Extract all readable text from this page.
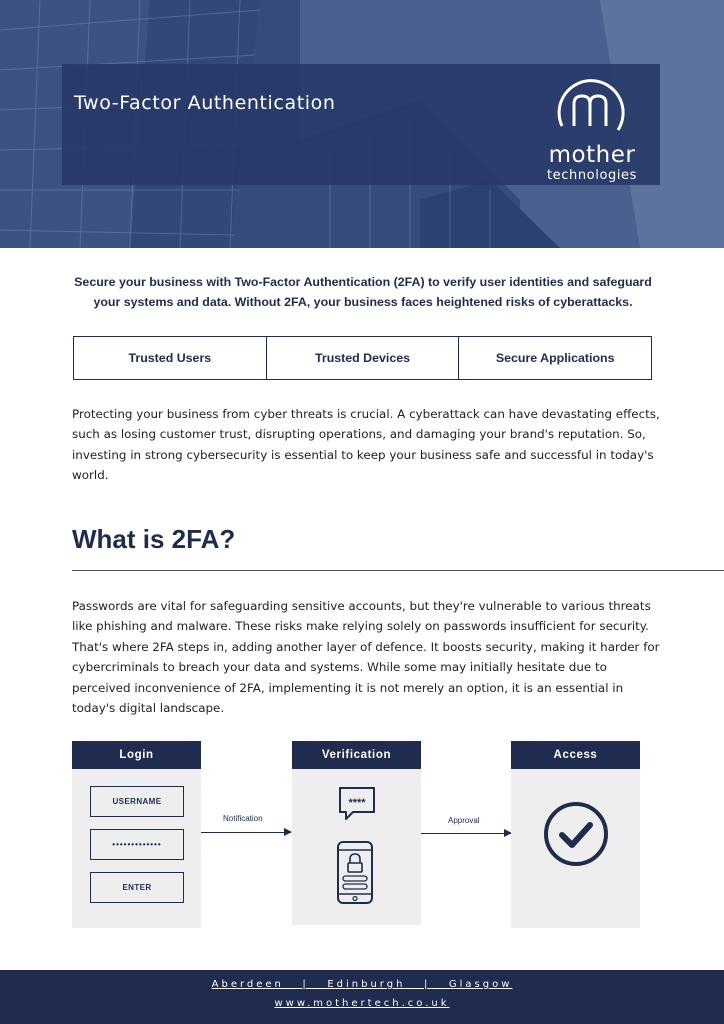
Two-Factor Authentication
mother
technologies
Secure your business with Two-Factor Authentication (2FA) to verify user identities and safeguard your systems and data. Without 2FA, your business faces heightened risks of cyberattacks.
Trusted Users	Trusted Devices	Secure Applications
Protecting your business from cyber threats is crucial. A cyberattack can have devastating effects, such as losing customer trust, disrupting operations, and damaging your brand's reputation. So, investing in strong cybersecurity is essential to keep your business safe and successful in today's world.
What is 2FA?
Passwords are vital for safeguarding sensitive accounts, but they're vulnerable to various threats like phishing and malware. These risks make relying solely on passwords insufficient for security. That's where 2FA steps in, adding another layer of defence. It boosts security, making it harder for cybercriminals to breach your data and systems. While some may initially hesitate due to perceived inconvenience of 2FA, implementing it is not merely an option, it is an essential in today's digital landscape.
Login
USERNAME
•••••••••••••
ENTER
Notification
Verification
****
Approval
Access
Aberdeen   |   Edinburgh   |   Glasgow
www.mothertech.co.uk
